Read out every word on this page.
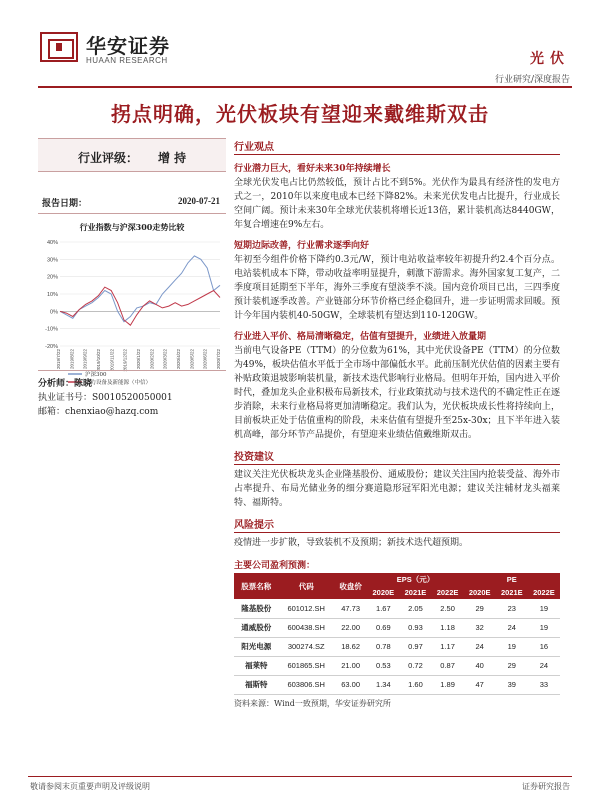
华安证券
HUAAN RESEARCH	光伏
行业研究/深度报告
拐点明确，光伏板块有望迎来戴维斯双击
行业评级： 增 持
报告日期：	2020-07-21
行业指数与沪深300走势比较
40%
30%
20%
10%
0%
-10%
-20%
2019/7/22 2019/8/22 2019/9/22 2019/10/22 2019/11/22 2019/12/22 2020/1/22 2020/2/22 2020/3/22 2020/4/22 2020/5/22 2020/6/22 2020/7/22
沪深300
电力设备及新能源（中信）
分析师：陈晓
执业证书号：S0010520050001
邮箱：chenxiao@hazq.com
行业观点
行业潜力巨大，看好未来30年持续增长
全球光伏发电占比仍然较低，预计占比不到5%。光伏作为最具有经济性的发电方式之一，2010年以来度电成本已经下降82%。未来光伏发电占比提升，行业成长空间广阔。预计未来30年全球光伏装机将增长近13倍，累计装机高达8440GW，年复合增速在9%左右。
短期边际改善，行业需求逐季向好
年初至今组件价格下降约0.3元/W，预计电站收益率较年初提升约2.4个百分点。电站装机成本下降，带动收益率明显提升，刺激下游需求。海外国家复工复产，二季度项目延期至下半年，海外三季度有望淡季不淡。国内竞价项目已出，三四季度预计装机逐季改善。产业链部分环节价格已经企稳回升，进一步证明需求回暖。预计今年国内装机40-50GW，全球装机有望达到110-120GW。
行业进入平价、格局清晰稳定，估值有望提升，业绩进入放量期
当前电气设备PE（TTM）的分位数为61%，其中光伏设备PE（TTM）的分位数为49%，板块估值水平低于全市场中部偏低水平。此前压制光伏估值的因素主要有补贴政策退坡影响装机量，新技术迭代影响行业格局。但明年开始，国内进入平价时代，叠加龙头企业积极布局新技术，行业政策扰动与技术迭代的不确定性正在逐步消除，未来行业格局将更加清晰稳定。我们认为，光伏板块成长性将持续向上，目前板块正处于估值重构的阶段，未来估值有望提升至25x-30x；且下半年进入装机高峰，部分环节产品提价，有望迎来业绩估值戴维斯双击。
投资建议
建议关注光伏板块龙头企业隆基股份、通威股份；建议关注国内抢装受益、海外市占率提升、布局光储业务的细分赛道隐形冠军阳光电源；建议关注辅材龙头福莱特、福斯特。
风险提示
疫情进一步扩散，导致装机不及预期；新技术迭代超预期。
主要公司盈利预测：
股票名称	代码	收盘价	EPS（元）			PE		
			2020E	2021E	2022E	2020E	2021E	2022E
隆基股份	601012.SH	47.73	1.67	2.05	2.50	29	23	19
通威股份	600438.SH	22.00	0.69	0.93	1.18	32	24	19
阳光电源	300274.SZ	18.62	0.78	0.97	1.17	24	19	16
福莱特	601865.SH	21.00	0.53	0.72	0.87	40	29	24
福斯特	603806.SH	63.00	1.34	1.60	1.89	47	39	33
资料来源：Wind一致预期，华安证券研究所
敬请参阅末页重要声明及评级说明	证券研究报告
